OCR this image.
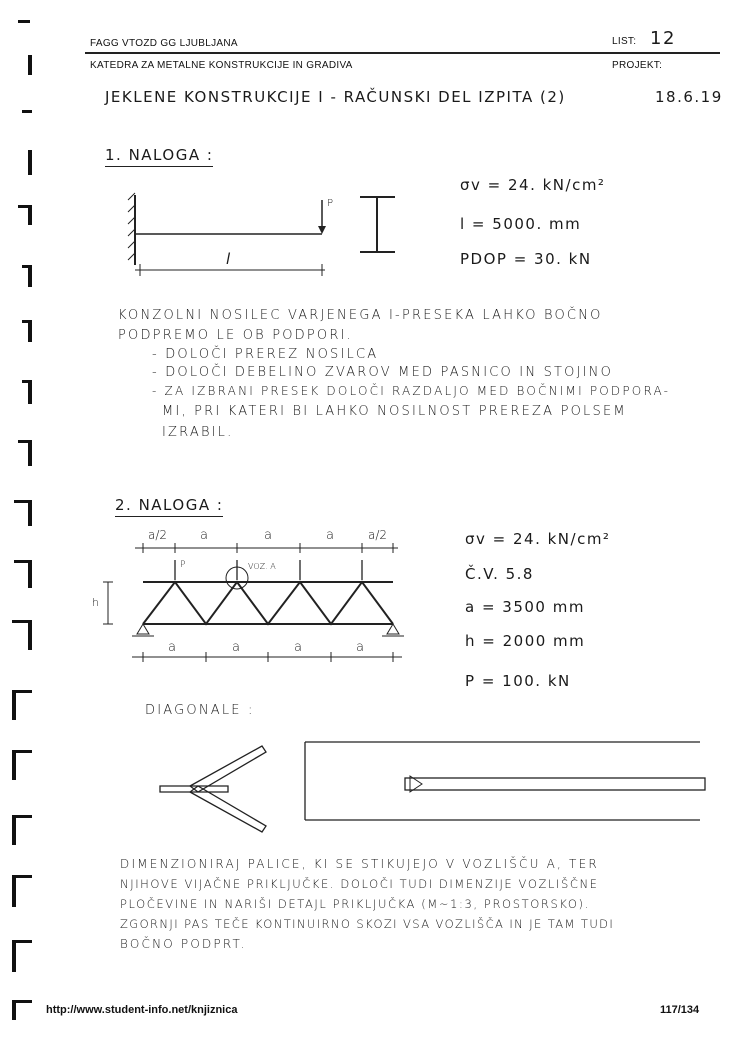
FAGG VTOZD GG LJUBLJANA	LIST: 12
KATEDRA ZA METALNE KONSTRUKCIJE IN GRADIVA	PROJEKT:
JEKLENE KONSTRUKCIJE I - RAČUNSKI DEL IZPITA (2)	18.6.19
1. NALOGA :
P
l
σv = 24. kN/cm²
l = 5000. mm
PDOP = 30. kN
KONZOLNI NOSILEC VARJENEGA I-PRESEKA LAHKO BOČNO
PODPREMO LE OB PODPORI.
- DOLOČI PREREZ NOSILCA
- DOLOČI DEBELINO ZVAROV MED PASNICO IN STOJINO
- ZA IZBRANI PRESEK DOLOČI RAZDALJO MED BOČNIMI PODPORA-
MI, PRI KATERI BI LAHKO NOSILNOST PREREZA POLSEM
IZRABIL.
2. NALOGA :
a/2	a	a	a	a/2
P	VOZ. A
h
a	a	a	a
σv = 24. kN/cm²
Č.V. 5.8
a = 3500 mm
h = 2000 mm
P = 100. kN
DIAGONALE :
DIMENZIONIRAJ PALICE, KI SE STIKUJEJO V VOZLIŠČU A, TER
NJIHOVE VIJAČNE PRIKLJUČKE. DOLOČI TUDI DIMENZIJE VOZLIŠČNE
PLOČEVINE IN NARIŠI DETAJL PRIKLJUČKA (M~1:3, PROSTORSKO).
ZGORNJI PAS TEČE KONTINUIRNO SKOZI VSA VOZLIŠČA IN JE TAM TUDI
BOČNO PODPRT.
http://www.student-info.net/knjiznica	117/134
